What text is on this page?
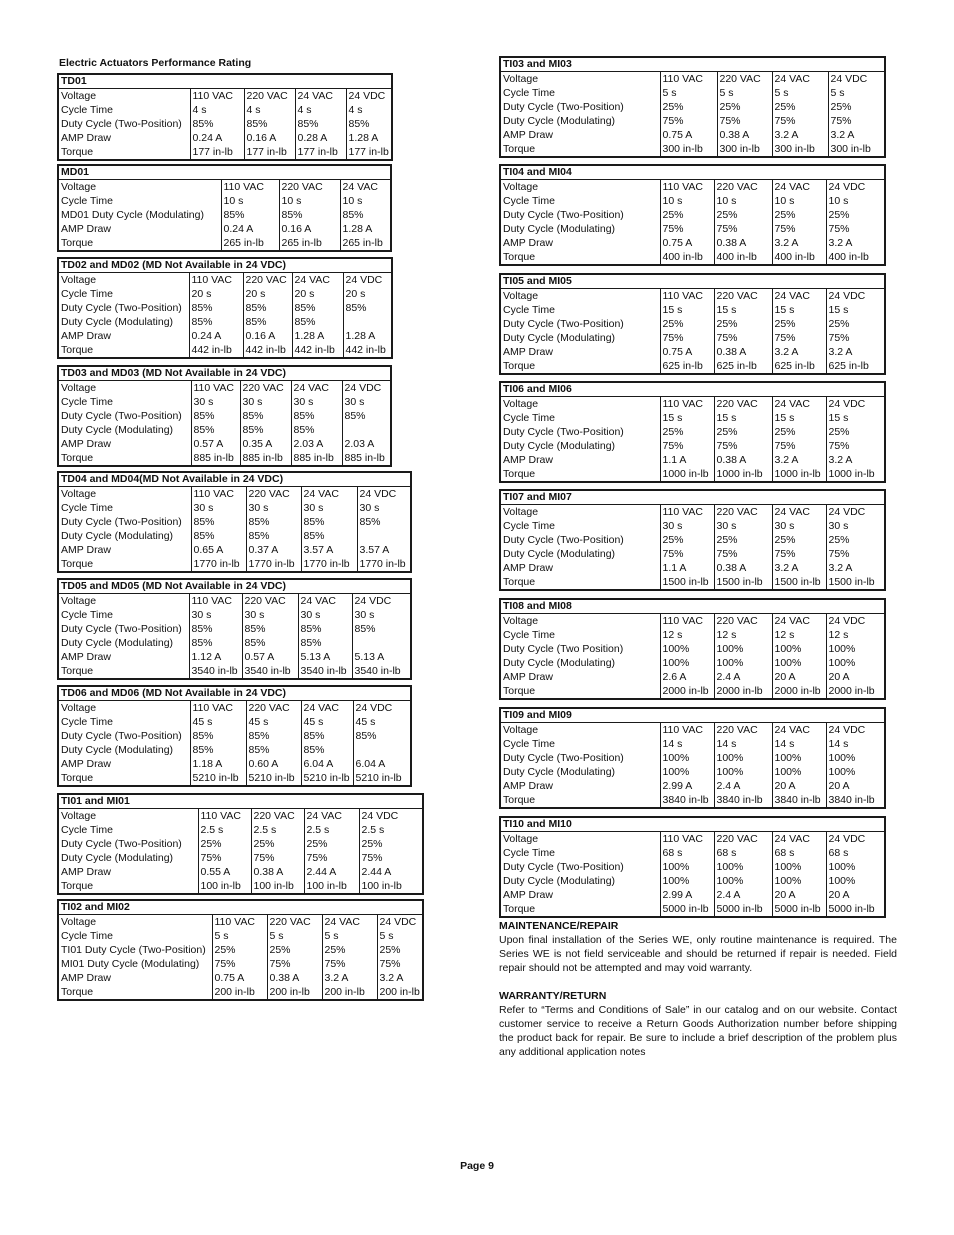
Electric Actuators Performance Rating
TD01				
Voltage	110 VAC	220 VAC	24 VAC	24 VDC
Cycle Time	4 s	4 s	4 s	4 s
Duty Cycle (Two-Position)	85%	85%	85%	85%
AMP Draw	0.24 A	0.16 A	0.28 A	1.28 A
Torque	177 in-lb	177 in-lb	177 in-lb	177 in-lb
MD01			
Voltage	110 VAC	220 VAC	24 VAC
Cycle Time	10 s	10 s	10 s
MD01 Duty Cycle (Modulating)	85%	85%	85%
AMP Draw	0.24 A	0.16 A	1.28 A
Torque	265 in-lb	265 in-lb	265 in-lb
TD02 and MD02 (MD Not Available in 24 VDC)				
Voltage	110 VAC	220 VAC	24 VAC	24 VDC
Cycle Time	20 s	20 s	20 s	20 s
Duty Cycle (Two-Position)	85%	85%	85%	85%
Duty Cycle (Modulating)	85%	85%	85%	
AMP Draw	0.24 A	0.16 A	1.28 A	1.28 A
Torque	442 in-lb	442 in-lb	442 in-lb	442 in-lb
TD03 and MD03 (MD Not Available in 24 VDC)				
Voltage	110 VAC	220 VAC	24 VAC	24 VDC
Cycle Time	30 s	30 s	30 s	30 s
Duty Cycle (Two-Position)	85%	85%	85%	85%
Duty Cycle (Modulating)	85%	85%	85%	
AMP Draw	0.57 A	0.35 A	2.03 A	2.03 A
Torque	885 in-lb	885 in-lb	885 in-lb	885 in-lb
TD04 and MD04(MD Not Available in 24 VDC)				
Voltage	110 VAC	220 VAC	24 VAC	24 VDC
Cycle Time	30 s	30 s	30 s	30 s
Duty Cycle (Two-Position)	85%	85%	85%	85%
Duty Cycle (Modulating)	85%	85%	85%	
AMP Draw	0.65 A	0.37 A	3.57 A	3.57 A
Torque	1770 in-lb	1770 in-lb	1770 in-lb	1770 in-lb
TD05 and MD05 (MD Not Available in 24 VDC)				
Voltage	110 VAC	220 VAC	24 VAC	24 VDC
Cycle Time	30 s	30 s	30 s	30 s
Duty Cycle (Two-Position)	85%	85%	85%	85%
Duty Cycle (Modulating)	85%	85%	85%	
AMP Draw	1.12 A	0.57 A	5.13 A	5.13 A
Torque	3540 in-lb	3540 in-lb	3540 in-lb	3540 in-lb
TD06 and MD06 (MD Not Available in 24 VDC)				
Voltage	110 VAC	220 VAC	24 VAC	24 VDC
Cycle Time	45 s	45 s	45 s	45 s
Duty Cycle (Two-Position)	85%	85%	85%	85%
Duty Cycle (Modulating)	85%	85%	85%	
AMP Draw	1.18 A	0.60 A	6.04 A	6.04 A
Torque	5210 in-lb	5210 in-lb	5210 in-lb	5210 in-lb
TI01 and MI01				
Voltage	110 VAC	220 VAC	24 VAC	24 VDC
Cycle Time	2.5 s	2.5 s	2.5 s	2.5 s
Duty Cycle (Two-Position)	25%	25%	25%	25%
Duty Cycle (Modulating)	75%	75%	75%	75%
AMP Draw	0.55 A	0.38 A	2.44 A	2.44 A
Torque	100 in-lb	100 in-lb	100 in-lb	100 in-lb
TI02 and MI02				
Voltage	110 VAC	220 VAC	24 VAC	24 VDC
Cycle Time	5 s	5 s	5 s	5 s
TI01 Duty Cycle (Two-Position)	25%	25%	25%	25%
MI01 Duty Cycle (Modulating)	75%	75%	75%	75%
AMP Draw	0.75 A	0.38 A	3.2 A	3.2 A
Torque	200 in-lb	200 in-lb	200 in-lb	200 in-lb
TI03 and MI03				
Voltage	110 VAC	220 VAC	24 VAC	24 VDC
Cycle Time	5 s	5 s	5 s	5 s
Duty Cycle (Two-Position)	25%	25%	25%	25%
Duty Cycle (Modulating)	75%	75%	75%	75%
AMP Draw	0.75 A	0.38 A	3.2 A	3.2 A
Torque	300 in-lb	300 in-lb	300 in-lb	300 in-lb
TI04 and MI04				
Voltage	110 VAC	220 VAC	24 VAC	24 VDC
Cycle Time	10 s	10 s	10 s	10 s
Duty Cycle (Two-Position)	25%	25%	25%	25%
Duty Cycle (Modulating)	75%	75%	75%	75%
AMP Draw	0.75 A	0.38 A	3.2 A	3.2 A
Torque	400 in-lb	400 in-lb	400 in-lb	400 in-lb
TI05 and MI05				
Voltage	110 VAC	220 VAC	24 VAC	24 VDC
Cycle Time	15 s	15 s	15 s	15 s
Duty Cycle (Two-Position)	25%	25%	25%	25%
Duty Cycle (Modulating)	75%	75%	75%	75%
AMP Draw	0.75 A	0.38 A	3.2 A	3.2 A
Torque	625 in-lb	625 in-lb	625 in-lb	625 in-lb
TI06 and MI06				
Voltage	110 VAC	220 VAC	24 VAC	24 VDC
Cycle Time	15 s	15 s	15 s	15 s
Duty Cycle (Two-Position)	25%	25%	25%	25%
Duty Cycle (Modulating)	75%	75%	75%	75%
AMP Draw	1.1 A	0.38 A	3.2 A	3.2 A
Torque	1000 in-lb	1000 in-lb	1000 in-lb	1000 in-lb
TI07 and MI07				
Voltage	110 VAC	220 VAC	24 VAC	24 VDC
Cycle Time	30 s	30 s	30 s	30 s
Duty Cycle (Two-Position)	25%	25%	25%	25%
Duty Cycle (Modulating)	75%	75%	75%	75%
AMP Draw	1.1 A	0.38 A	3.2 A	3.2 A
Torque	1500 in-lb	1500 in-lb	1500 in-lb	1500 in-lb
TI08 and MI08				
Voltage	110 VAC	220 VAC	24 VAC	24 VDC
Cycle Time	12 s	12 s	12 s	12 s
Duty Cycle (Two Position)	100%	100%	100%	100%
Duty Cycle (Modulating)	100%	100%	100%	100%
AMP Draw	2.6 A	2.4 A	20 A	20 A
Torque	2000 in-lb	2000 in-lb	2000 in-lb	2000 in-lb
TI09 and MI09				
Voltage	110 VAC	220 VAC	24 VAC	24 VDC
Cycle Time	14 s	14 s	14 s	14 s
Duty Cycle (Two-Position)	100%	100%	100%	100%
Duty Cycle (Modulating)	100%	100%	100%	100%
AMP Draw	2.99 A	2.4 A	20 A	20 A
Torque	3840 in-lb	3840 in-lb	3840 in-lb	3840 in-lb
TI10 and MI10				
Voltage	110 VAC	220 VAC	24 VAC	24 VDC
Cycle Time	68 s	68 s	68 s	68 s
Duty Cycle (Two-Position)	100%	100%	100%	100%
Duty Cycle (Modulating)	100%	100%	100%	100%
AMP Draw	2.99 A	2.4 A	20 A	20 A
Torque	5000 in-lb	5000 in-lb	5000 in-lb	5000 in-lb
MAINTENANCE/REPAIR

Upon final installation of the Series WE, only routine maintenance is required. The Series WE is not field serviceable and should be returned if repair is needed. Field repair should not be attempted and may void warranty.

WARRANTY/RETURN

Refer to “Terms and Conditions of Sale” in our catalog and on our website. Contact customer service to receive a Return Goods Authorization number before shipping the product back for repair. Be sure to include a brief description of the problem plus any additional application notes

Page 9
